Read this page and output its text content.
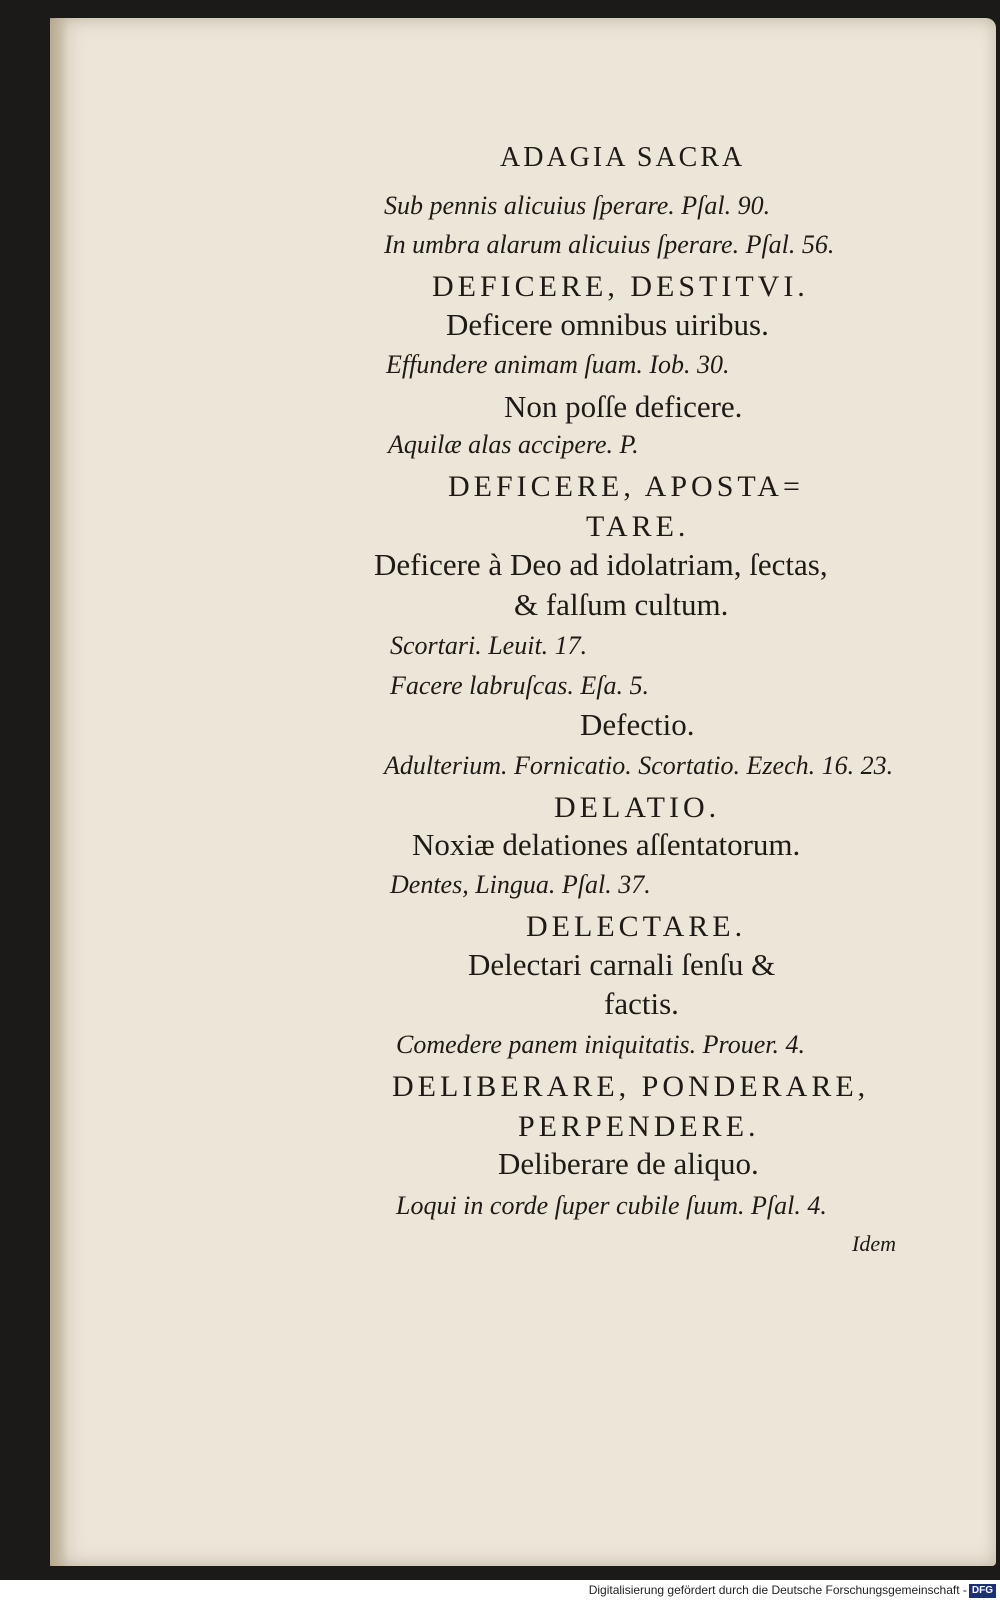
ADAGIA SACRA
Sub pennis alicuius ſperare. Pſal. 90.
In umbra alarum alicuius ſperare. Pſal. 56.
DEFICERE, DESTITVI.
Deficere omnibus uiribus.
Effundere animam ſuam. Iob. 30.
Non poſſe deficere.
Aquilæ alas accipere. P.
DEFICERE, APOSTA=
TARE.
Deficere à Deo ad idolatriam, ſectas,
& falſum cultum.
Scortari. Leuit. 17.
Facere labruſcas. Eſa. 5.
Defectio.
Adulterium. Fornicatio. Scortatio. Ezech. 16. 23.
DELATIO.
Noxiæ delationes aſſentatorum.
Dentes, Lingua. Pſal. 37.
DELECTARE.
Delectari carnali ſenſu &
factis.
Comedere panem iniquitatis. Prouer. 4.
DELIBERARE, PONDERARE,
PERPENDERE.
Deliberare de aliquo.
Loqui in corde ſuper cubile ſuum. Pſal. 4.
Idem
Digitalisierung gefördert durch die Deutsche Forschungsgemeinschaft - DFG
